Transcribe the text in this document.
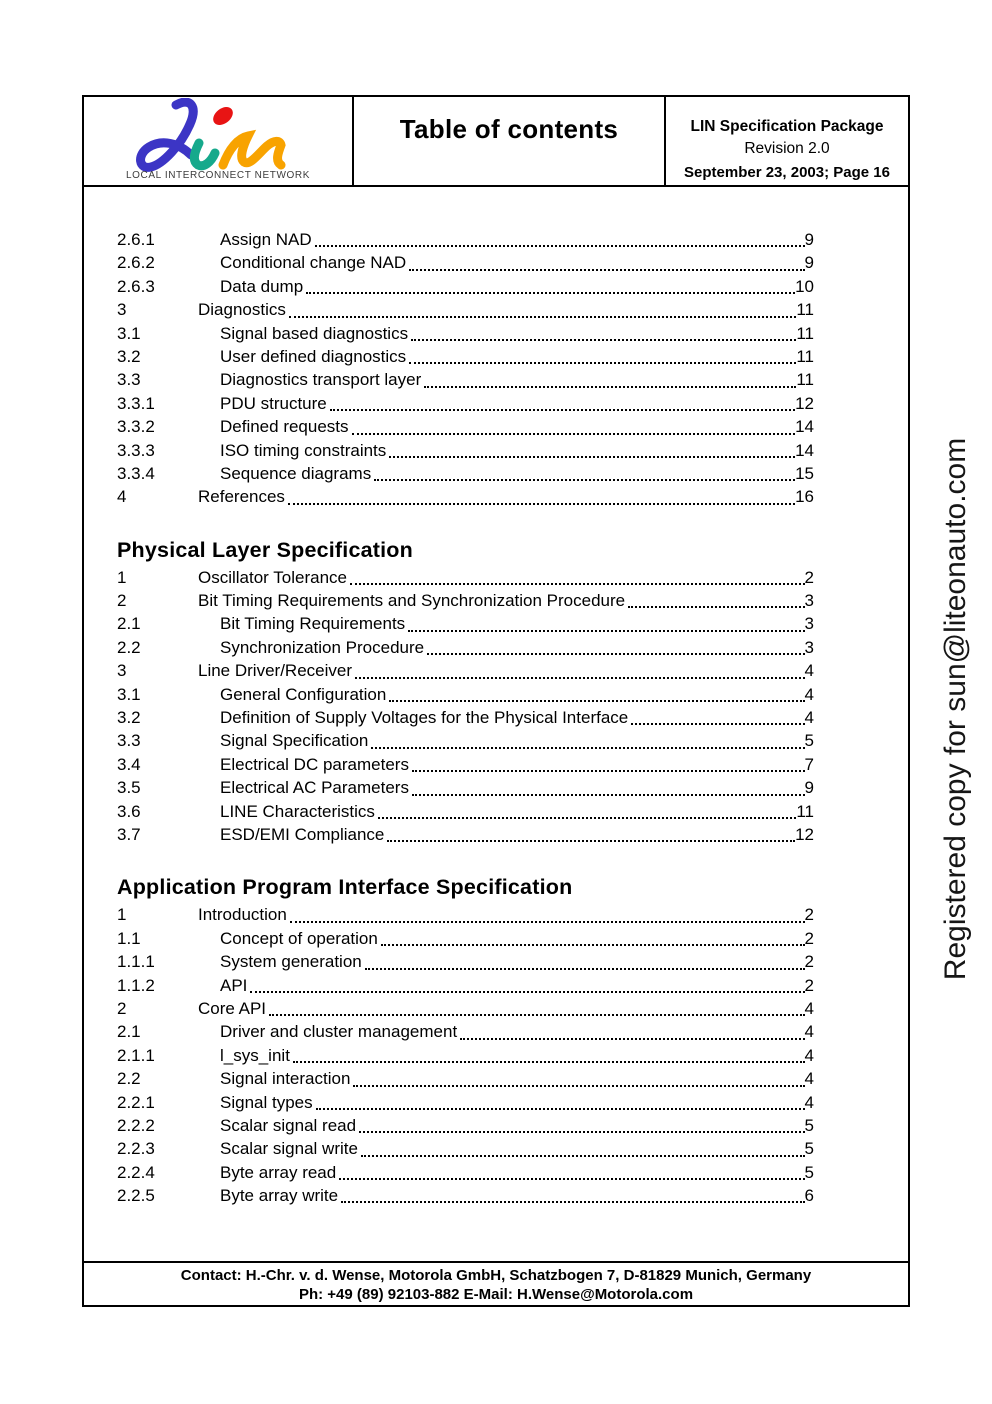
LOCAL INTERCONNECT NETWORK
Table of contents	LIN Specification Package
Revision 2.0
September 23, 2003; Page 16
2.6.1	Assign NAD	9
2.6.2	Conditional change NAD	9
2.6.3	Data dump	10
3	Diagnostics	11
3.1	Signal based diagnostics	11
3.2	User defined diagnostics	11
3.3	Diagnostics transport layer	11
3.3.1	PDU structure	12
3.3.2	Defined requests	14
3.3.3	ISO timing constraints	14
3.3.4	Sequence diagrams	15
4	References	16
Physical Layer Specification
1	Oscillator Tolerance	2
2	Bit Timing Requirements and Synchronization Procedure	3
2.1	Bit Timing Requirements	3
2.2	Synchronization Procedure	3
3	Line Driver/Receiver	4
3.1	General Configuration	4
3.2	Definition of Supply Voltages for the Physical Interface	4
3.3	Signal Specification	5
3.4	Electrical DC parameters	7
3.5	Electrical AC Parameters	9
3.6	LINE Characteristics	11
3.7	ESD/EMI Compliance	12
Application Program Interface Specification
1	Introduction	2
1.1	Concept of operation	2
1.1.1	System generation	2
1.1.2	API	2
2	Core API	4
2.1	Driver and cluster management	4
2.1.1	l_sys_init	4
2.2	Signal interaction	4
2.2.1	Signal types	4
2.2.2	Scalar signal read	5
2.2.3	Scalar signal write	5
2.2.4	Byte array read	5
2.2.5	Byte array write	6
Contact: H.-Chr. v. d. Wense, Motorola GmbH, Schatzbogen 7, D-81829 Munich, Germany
Ph: +49 (89) 92103-882 E-Mail: H.Wense@Motorola.com
Registered copy for sun@liteonauto.com
